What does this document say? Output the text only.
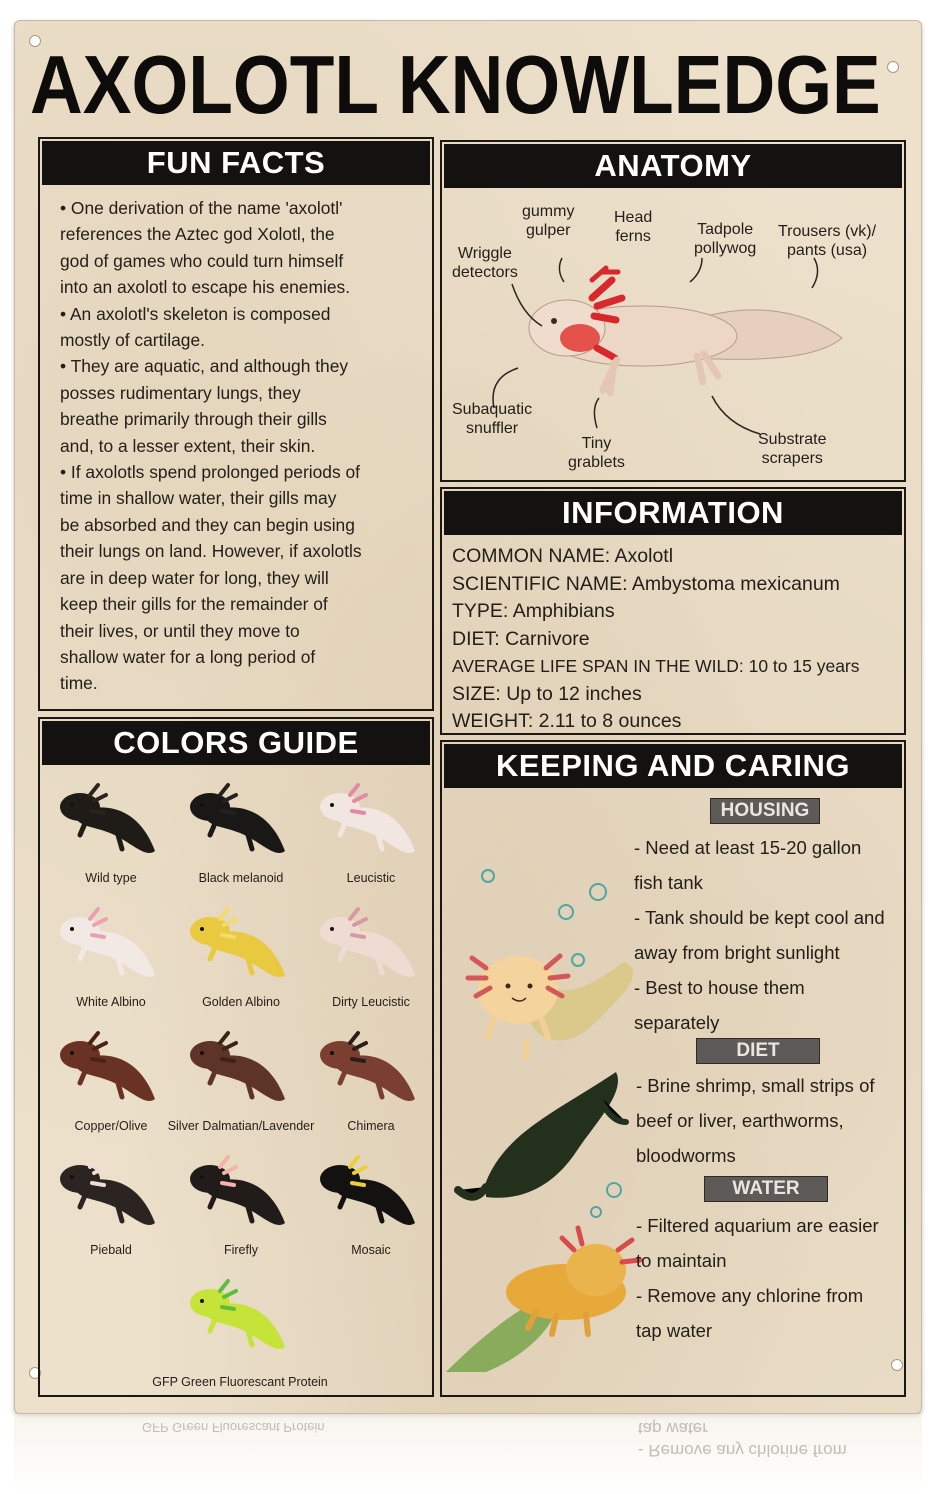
AXOLOTL KNOWLEDGE
FUN FACTS
• One derivation of the name 'axolotl'
references the Aztec god Xolotl, the
god of games who could turn himself
into an axolotl to escape his enemies.
• An axolotl's skeleton is composed
mostly of cartilage.
• They are aquatic, and although they
posses rudimentary lungs, they
breathe primarily through their gills
and, to a lesser extent, their skin.
• If axolotls spend prolonged periods of
time in shallow water, their gills may
be absorbed and they can begin using
their lungs on land. However, if axolotls
are in deep water for long, they will
keep their gills for the remainder of
their lives, or until they move to
shallow water for a long period of
time.
ANATOMY
gummy
gulper
Head
ferns	Tadpole
pollywog
Trousers (vk)/
pants (usa)
Wriggle
detectors
Subaquatic
snuffler
Tiny
grablets
Substrate
scrapers
INFORMATION
COMMON NAME: Axolotl
SCIENTIFIC NAME: Ambystoma mexicanum
TYPE: Amphibians
DIET: Carnivore
AVERAGE LIFE SPAN IN THE WILD: 10 to 15 years
SIZE: Up to 12 inches
WEIGHT: 2.11 to 8 ounces
COLORS GUIDE
Wild type	Black melanoid	Leucistic
White Albino	Golden Albino	Dirty Leucistic
Copper/Olive	Silver Dalmatian/Lavender	Chimera
Piebald	Firefly	Mosaic
GFP Green Fluorescant Protein
KEEPING AND CARING
HOUSING
- Need at least 15-20 gallon
fish tank
- Tank should be kept cool and
away from bright sunlight
- Best to house them
separately
DIET
- Brine shrimp, small strips of
beef or liver, earthworms,
bloodworms
WATER
- Filtered aquarium are easier
to maintain
- Remove any chlorine from
tap water
tap water
- Remove any chlorine from
GFP Green Fluorescant Protein
